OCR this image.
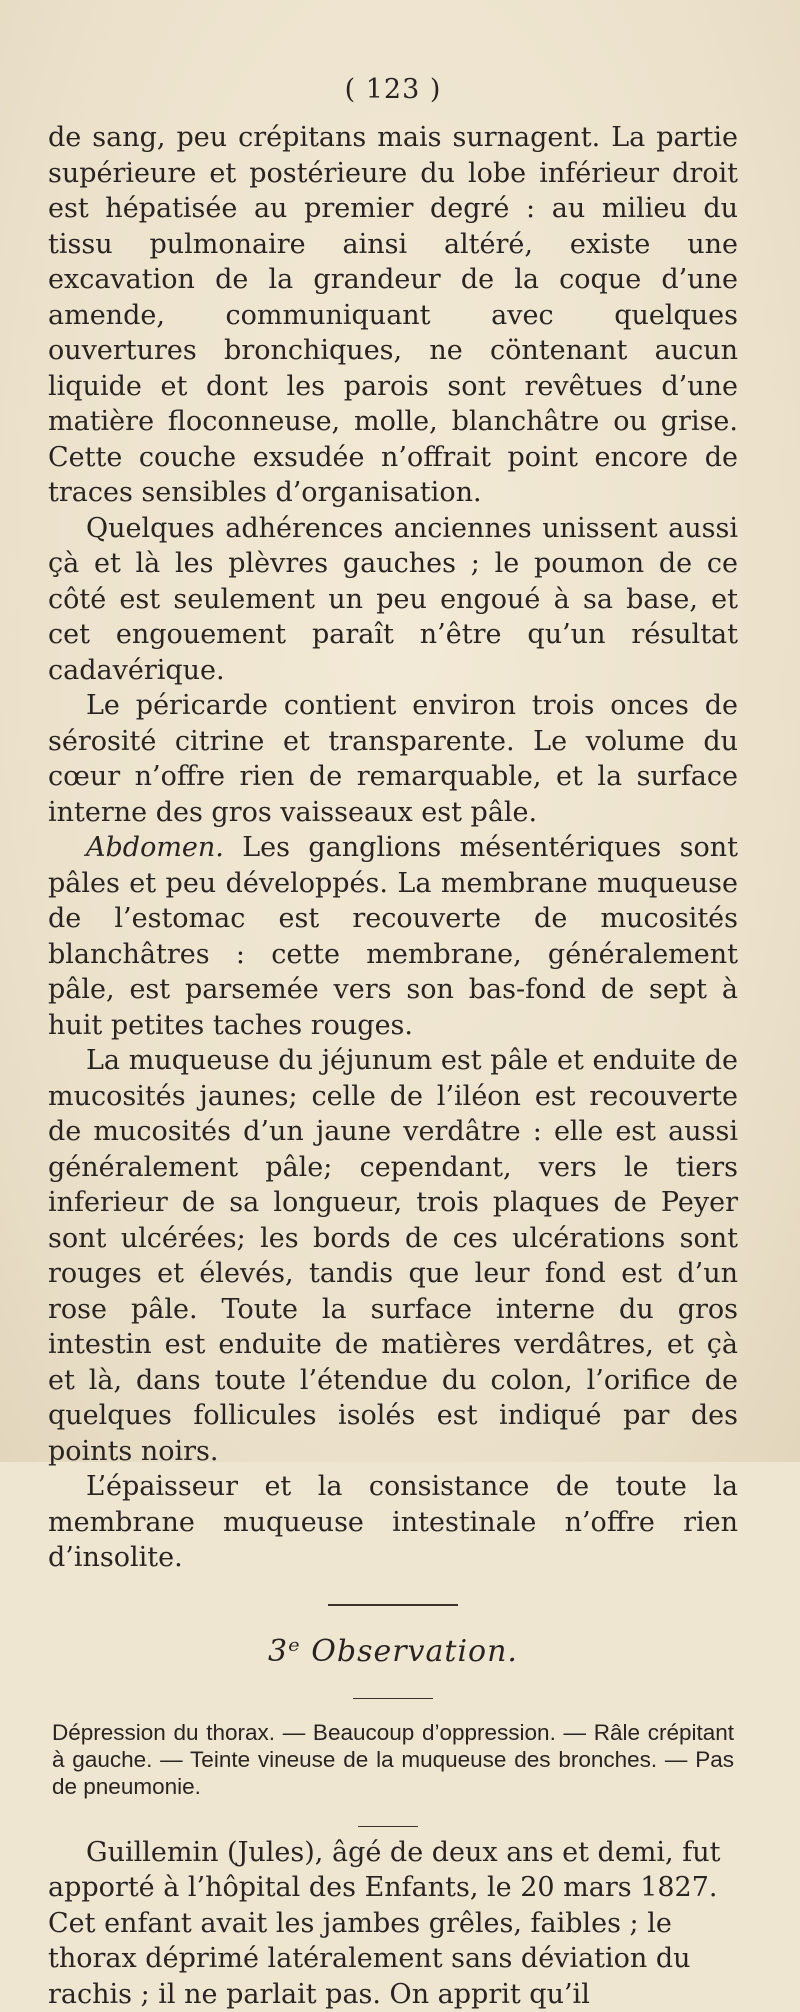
( 123 )

de sang, peu crépitans mais surnagent. La partie supérieure et postérieure du lobe inférieur droit est hépatisée au premier degré : au milieu du tissu pulmonaire ainsi altéré, existe une excavation de la grandeur de la coque d’une amende, communiquant avec quelques ouvertures bronchiques, ne cöntenant aucun liquide et dont les parois sont revêtues d’une matière floconneuse, molle, blanchâtre ou grise. Cette couche exsudée n’offrait point encore de traces sensibles d’organisation.

Quelques adhérences anciennes unissent aussi çà et là les plèvres gauches ; le poumon de ce côté est seulement un peu engoué à sa base, et cet engouement paraît n’être qu’un résultat cadavérique.

Le péricarde contient environ trois onces de sérosité citrine et transparente. Le volume du cœur n’offre rien de remarquable, et la surface interne des gros vaisseaux est pâle.

Abdomen. Les ganglions mésentériques sont pâles et peu développés. La membrane muqueuse de l’estomac est recouverte de mucosités blanchâtres : cette membrane, généralement pâle, est parsemée vers son bas-fond de sept à huit petites taches rouges.

La muqueuse du jéjunum est pâle et enduite de mucosités jaunes; celle de l’iléon est recouverte de mucosités d’un jaune verdâtre : elle est aussi généralement pâle; cependant, vers le tiers inferieur de sa longueur, trois plaques de Peyer sont ulcérées; les bords de ces ulcérations sont rouges et élevés, tandis que leur fond est d’un rose pâle. Toute la surface interne du gros intestin est enduite de matières verdâtres, et çà et là, dans toute l’étendue du colon, l’orifice de quelques follicules isolés est indiqué par des points noirs.

L’épaisseur et la consistance de toute la membrane muqueuse intestinale n’offre rien d’insolite.

3ᵉ Observation.
Dépression du thorax. — Beaucoup d’oppression. — Râle crépitant à gauche. — Teinte vineuse de la muqueuse des bronches. — Pas de pneumonie.

Guillemin (Jules), âgé de deux ans et demi, fut apporté à l’hôpital des Enfants, le 20 mars 1827. Cet enfant avait les jambes grêles, faibles ; le thorax déprimé latéralement sans déviation du rachis ; il ne parlait pas. On apprit qu’il
